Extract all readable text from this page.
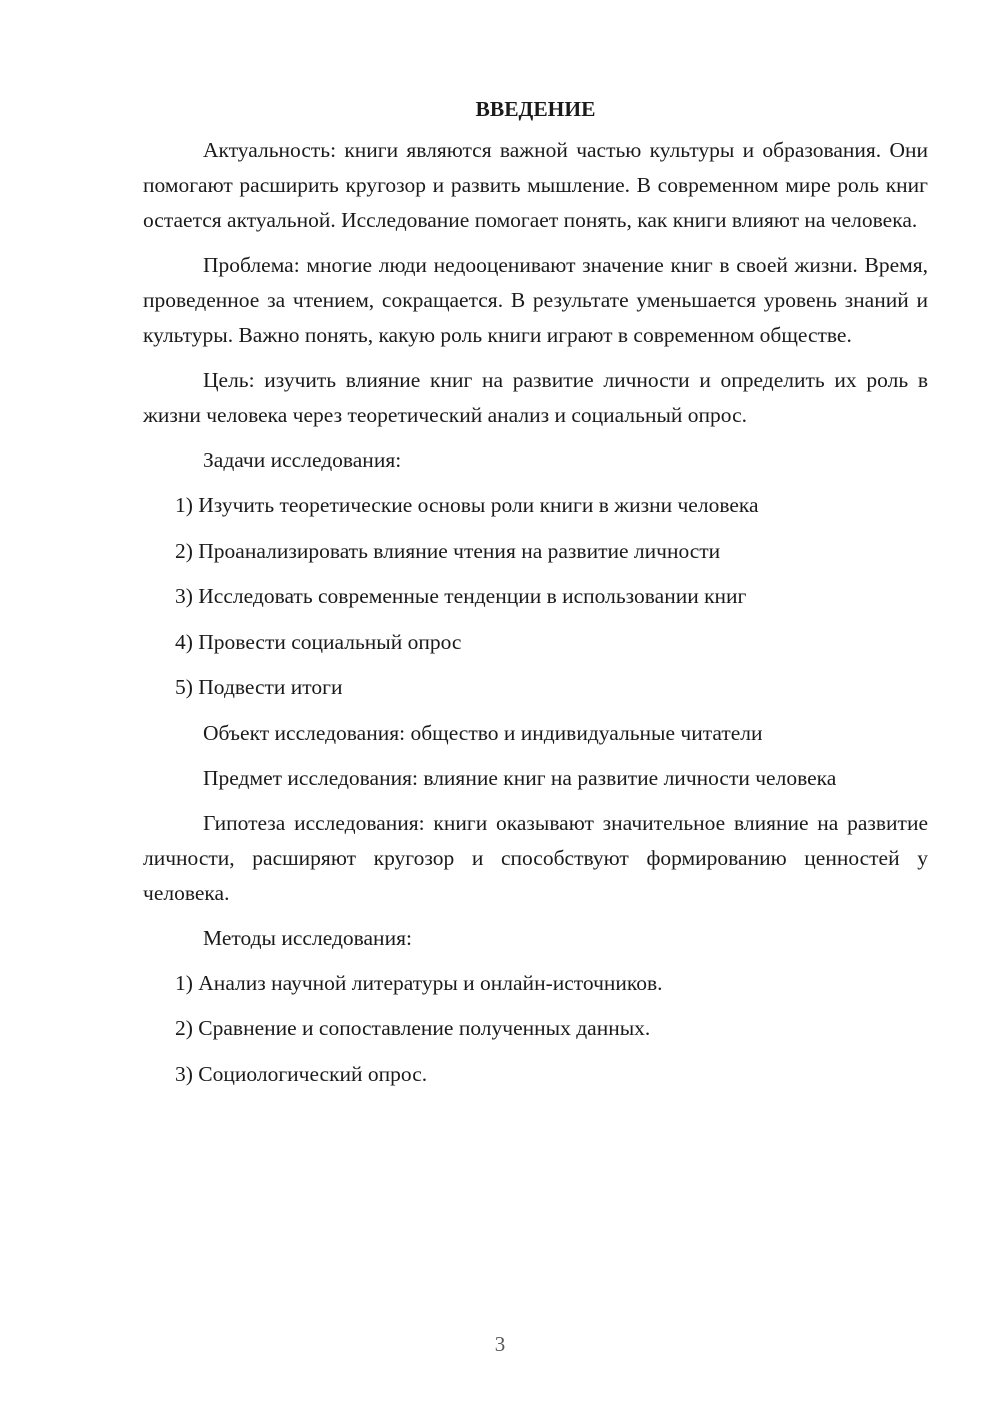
ВВЕДЕНИЕ

Актуальность: книги являются важной частью культуры и образования. Они помогают расширить кругозор и развить мышление. В современном мире роль книг остается актуальной. Исследование помогает понять, как книги влияют на человека.

Проблема: многие люди недооценивают значение книг в своей жизни. Время, проведенное за чтением, сокращается. В результате уменьшается уровень знаний и культуры. Важно понять, какую роль книги играют в современном обществе.

Цель: изучить влияние книг на развитие личности и определить их роль в жизни человека через теоретический анализ и социальный опрос.

Задачи исследования:

1) Изучить теоретические основы роли книги в жизни человека
2) Проанализировать влияние чтения на развитие личности
3) Исследовать современные тенденции в использовании книг
4) Провести социальный опрос
5) Подвести итоги

Объект исследования: общество и индивидуальные читатели

Предмет исследования: влияние книг на развитие личности человека

Гипотеза исследования: книги оказывают значительное влияние на развитие личности, расширяют кругозор и способствуют формированию ценностей у человека.

Методы исследования:

1) Анализ научной литературы и онлайн-источников.
2) Сравнение и сопоставление полученных данных.
3) Социологический опрос.
3
